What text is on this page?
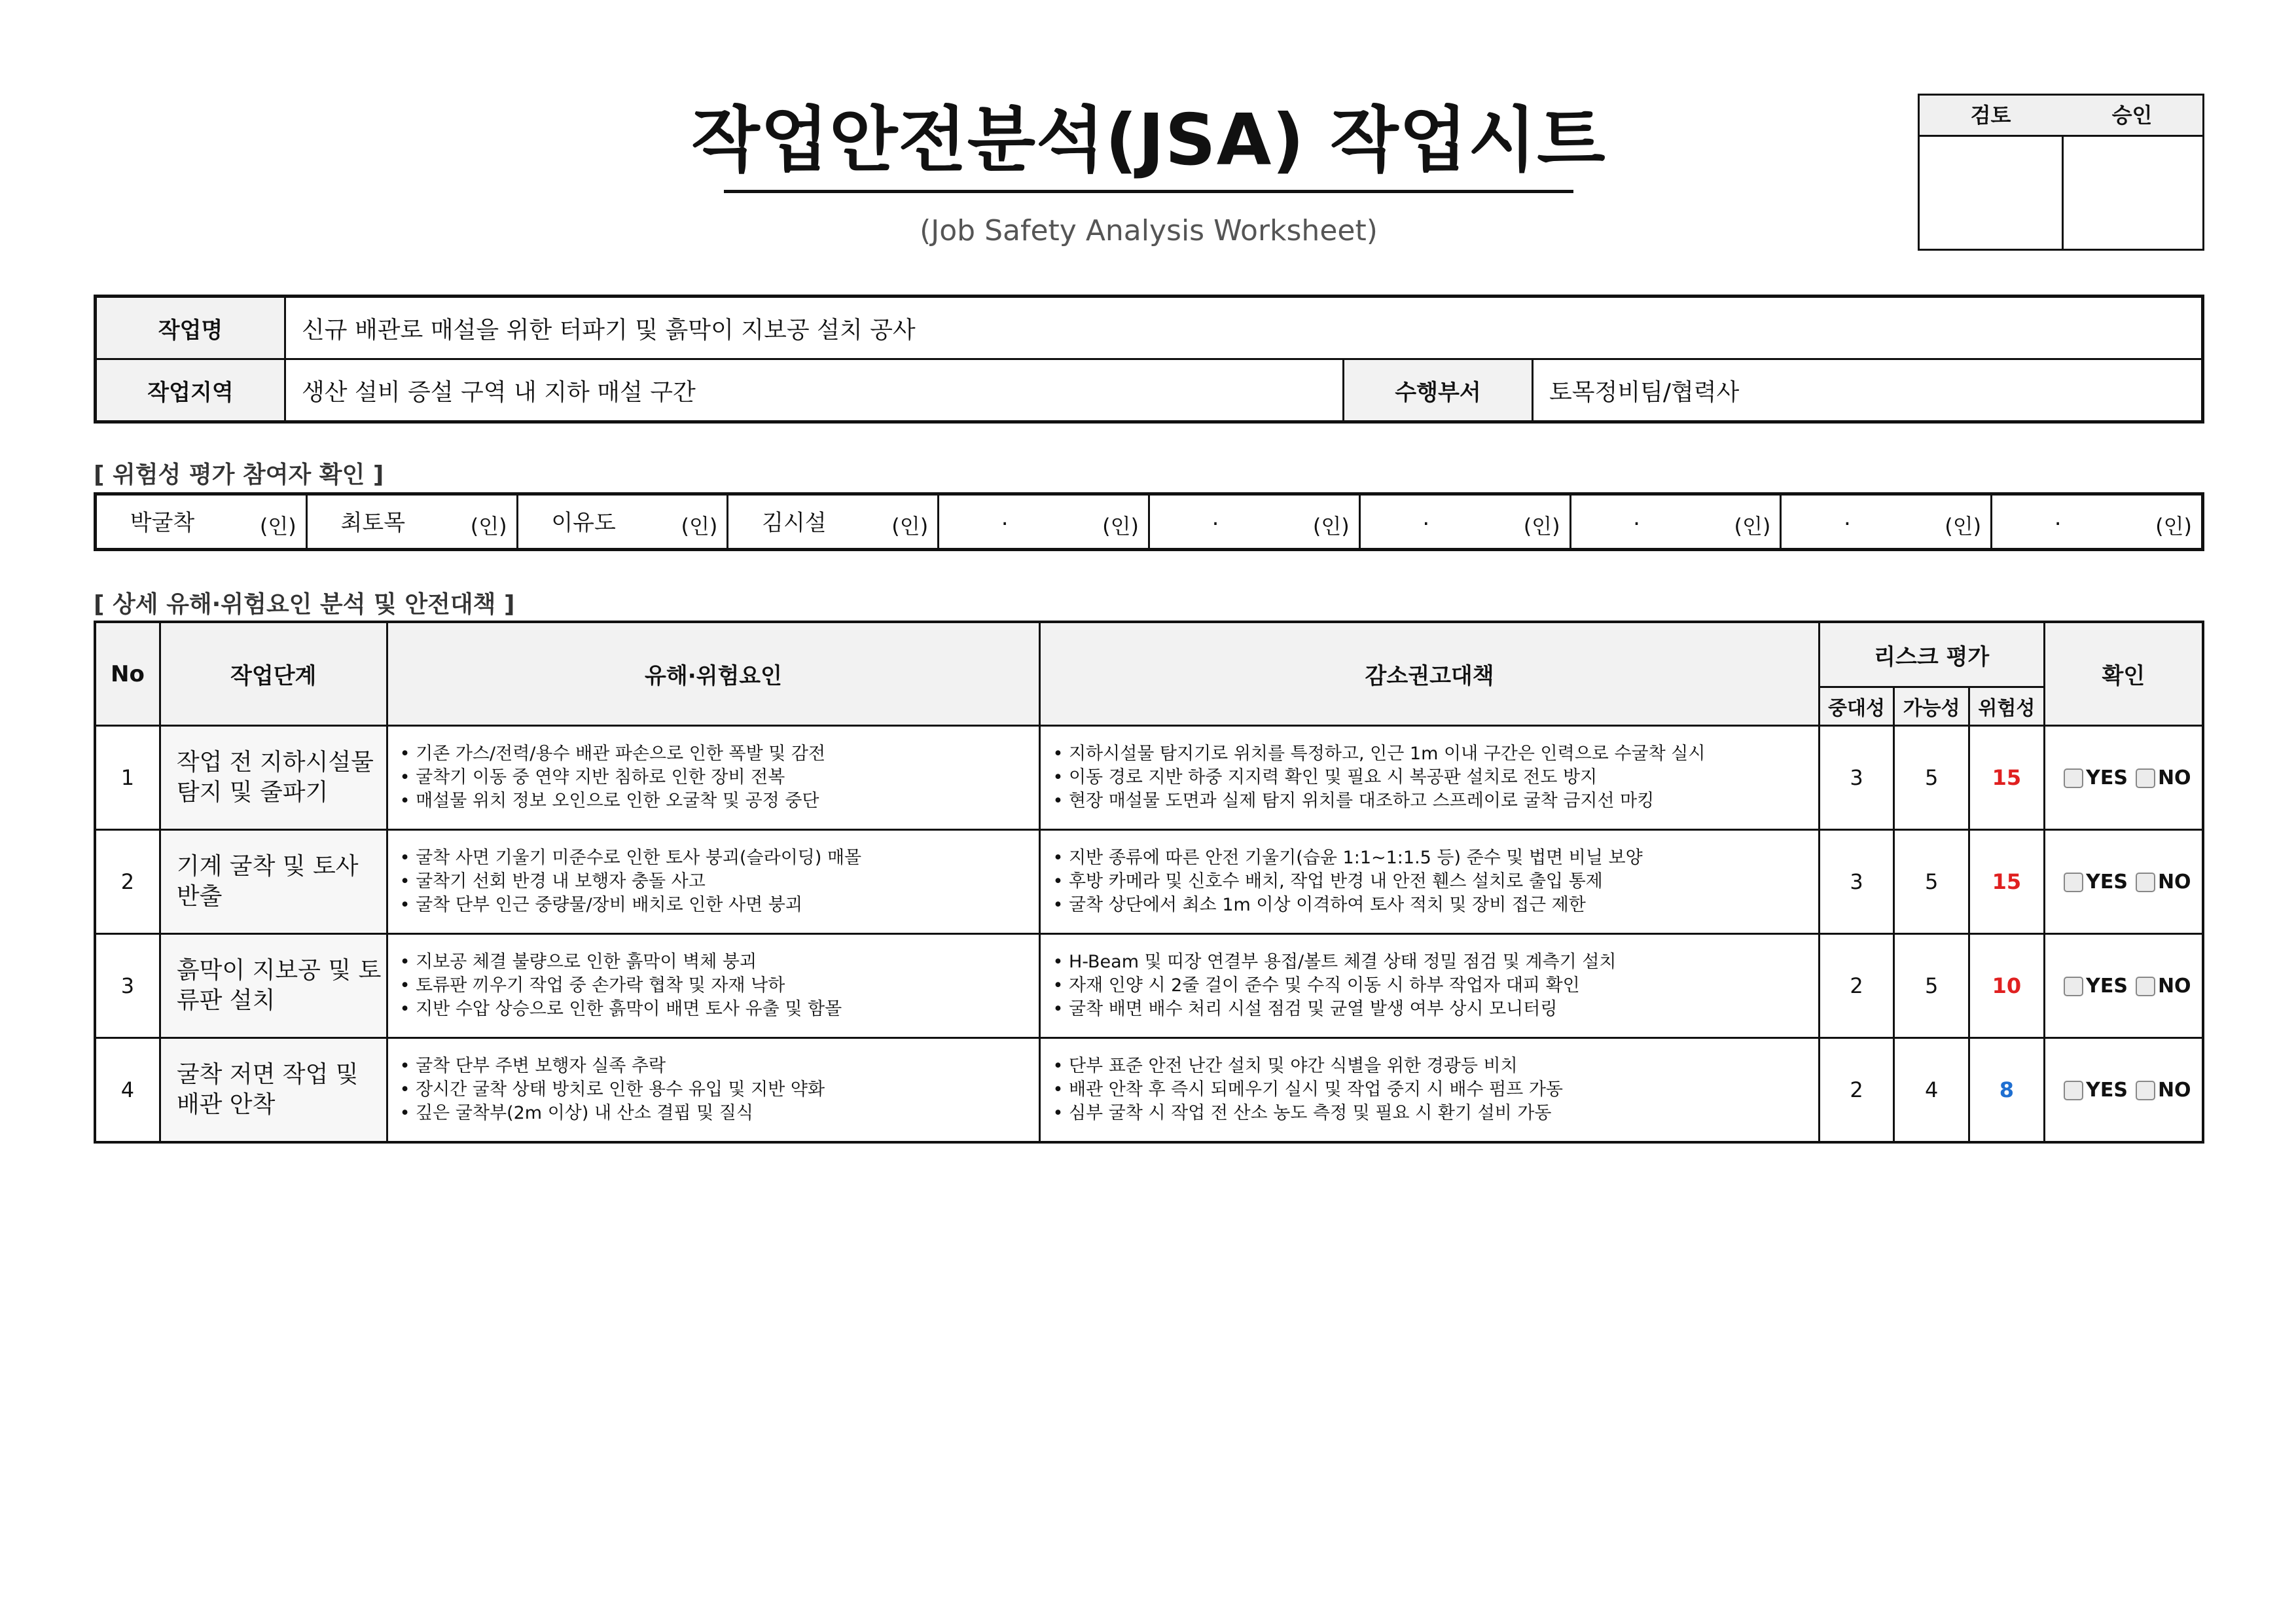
작업안전분석(JSA) 작업시트
(Job Safety Analysis Worksheet)
검토	승인
작업명	신규 배관로 매설을 위한 터파기 및 흙막이 지보공 설치 공사		
작업지역	생산 설비 증설 구역 내 지하 매설 구간	수행부서	토목정비팀/협력사
[ 위험성 평가 참여자 확인 ]
박굴착	(인)	최토목	(인)	이유도	(인)	김시설	(인)	.	(인)	.	(인)	.	(인)	.	(인)	.	(인)	.	(인)
[ 상세 유해·위험요인 분석 및 안전대책 ]
No	작업단계	유해·위험요인	감소권고대책	리스크 평가			확인
				중대성	가능성	위험성	
1	작업 전 지하시설물 탐지 및 줄파기	• 기존 가스/전력/용수 배관 파손으로 인한 폭발 및 감전
• 굴착기 이동 중 연약 지반 침하로 인한 장비 전복
• 매설물 위치 정보 오인으로 인한 오굴착 및 공정 중단	• 지하시설물 탐지기로 위치를 특정하고, 인근 1m 이내 구간은 인력으로 수굴착 실시
• 이동 경로 지반 하중 지지력 확인 및 필요 시 복공판 설치로 전도 방지
• 현장 매설물 도면과 실제 탐지 위치를 대조하고 스프레이로 굴착 금지선 마킹	3	5	15	YES NO
2	기계 굴착 및 토사 반출	• 굴착 사면 기울기 미준수로 인한 토사 붕괴(슬라이딩) 매몰
• 굴착기 선회 반경 내 보행자 충돌 사고
• 굴착 단부 인근 중량물/장비 배치로 인한 사면 붕괴	• 지반 종류에 따른 안전 기울기(습윤 1:1~1:1.5 등) 준수 및 법면 비닐 보양
• 후방 카메라 및 신호수 배치, 작업 반경 내 안전 휀스 설치로 출입 통제
• 굴착 상단에서 최소 1m 이상 이격하여 토사 적치 및 장비 접근 제한	3	5	15	YES NO
3	흙막이 지보공 및 토류판 설치	• 지보공 체결 불량으로 인한 흙막이 벽체 붕괴
• 토류판 끼우기 작업 중 손가락 협착 및 자재 낙하
• 지반 수압 상승으로 인한 흙막이 배면 토사 유출 및 함몰	• H-Beam 및 띠장 연결부 용접/볼트 체결 상태 정밀 점검 및 계측기 설치
• 자재 인양 시 2줄 걸이 준수 및 수직 이동 시 하부 작업자 대피 확인
• 굴착 배면 배수 처리 시설 점검 및 균열 발생 여부 상시 모니터링	2	5	10	YES NO
4	굴착 저면 작업 및 배관 안착	• 굴착 단부 주변 보행자 실족 추락
• 장시간 굴착 상태 방치로 인한 용수 유입 및 지반 약화
• 깊은 굴착부(2m 이상) 내 산소 결핍 및 질식	• 단부 표준 안전 난간 설치 및 야간 식별을 위한 경광등 비치
• 배관 안착 후 즉시 되메우기 실시 및 작업 중지 시 배수 펌프 가동
• 심부 굴착 시 작업 전 산소 농도 측정 및 필요 시 환기 설비 가동	2	4	8	YES NO
